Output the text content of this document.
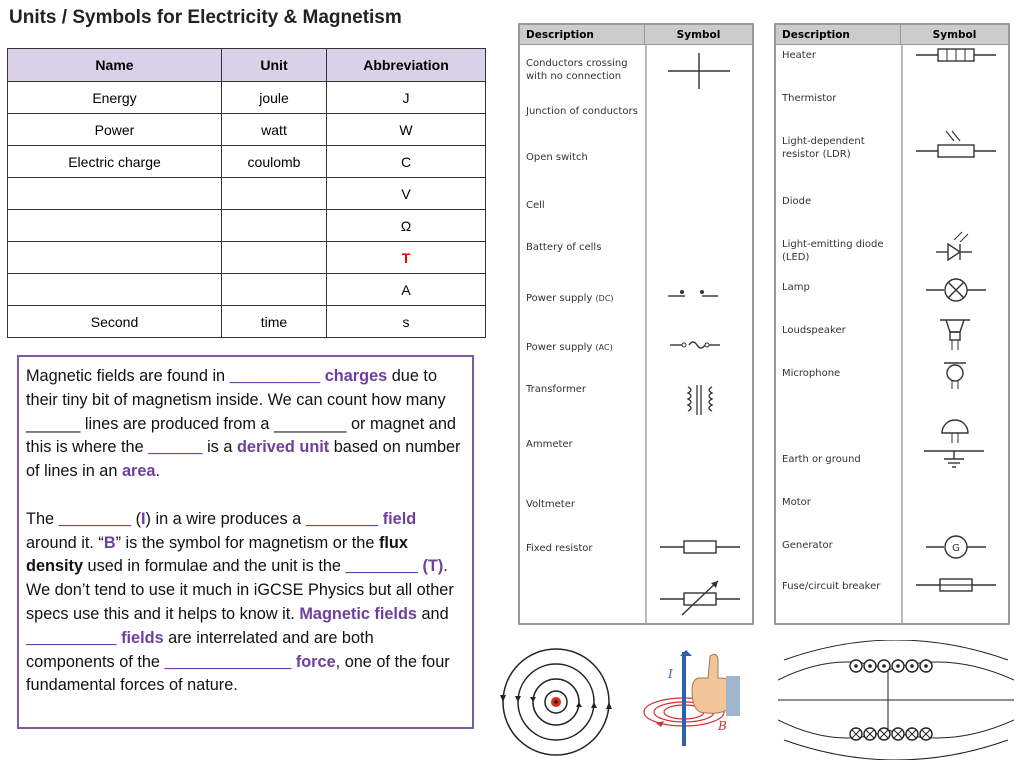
Units / Symbols for Electricity & Magnetism
Name	Unit	Abbreviation
Energy	joule	J
Power	watt	W
Electric charge	coulomb	C
		V
		Ω
		T
		A
Second	time	s
Magnetic fields are found in __________ charges due to their tiny bit of magnetism inside. We can count how many ______ lines are produced from a ________ or magnet and this is where the ______ is a derived unit based on number of lines in an area.
The ________ (I) in a wire produces a ________ field around it. “B” is the symbol for magnetism or the flux density used in formulae and the unit is the ________ (T). We don’t tend to use it much in iGCSE Physics but all other specs use this and it helps to know it. Magnetic fields and __________ fields are interrelated and are both components of the ______________ force, one of the four fundamental forces of nature.
Description	Symbol
Conductors crossing with no connection
Junction of conductors
Open switch
Cell
Battery of cells
Power supply (DC)
Power supply (AC)
Transformer
Ammeter
Voltmeter
Fixed resistor
Description	Symbol
Heater
Thermistor
Light-dependent resistor (LDR)
Diode
Light-emitting diode (LED)
Lamp
Loudspeaker
Microphone
Earth or ground
Motor
Generator	G
Fuse/circuit breaker
I
B
